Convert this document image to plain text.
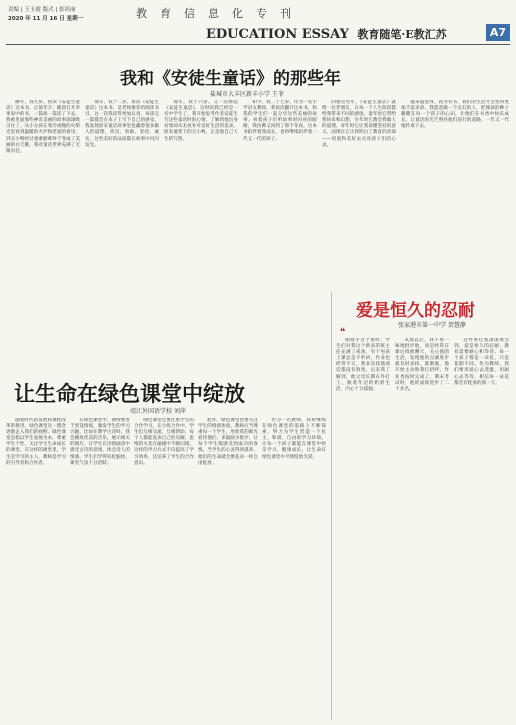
责编 | 王玉霞 版式 | 张培丽
2020 年 11 月 16 日 星期一	教育信息化专刊
EDUCATION ESSAY 教育随笔·E教汇苏	A7
我和《安徒生童话》的那些年
盐城市大丰区新丰小学 王菲

聊年，我九岁。初读《安徒生童话》这本书，正值冬夕，随意打开李果家中的书，一篇接一篇读了下去，我被里面那些神奇美丽的故事深深吸引住了。从小女孩在寒冷夜晚的火柴光里看到温暖的火炉和慈爱的祖母，到丑小鸭经过重重磨难终于变成了美丽的白天鹅，我对童话世界充满了无限向往。

那年，我十二岁。再读《安徒生童话》这本书，是老师推荐的阅读书目。这一次我读得更加认真，每读完一篇都会在本子上写下自己的感受。我发现原来童话故事里也藏着很多做人的道理，善良、勇敢、坚持、诚实，这些美好的品质都在故事中闪闪发光。

那年，我十六岁。又一次捧起《安徒生童话》，这时的我已经是一名中学生了。我开始思考作者安徒生写这些童话时的心情，了解到他出身贫寒却从未放弃对美好生活的追求。原来他笔下的丑小鸭，正是他自己人生的写照。

如今，我二十七岁。作为一名小学语文教师，我再次翻开这本书，和我的学生们一起分享这些美丽的故事。看着孩子们听故事时闪亮的眼睛，我仿佛又回到了那个冬夜。这本书陪伴着我成长，也将继续陪伴着一代又一代的孩子。

回想这些年，《安徒生童话》就像一位老朋友，在每一个人生阶段都给我带来不同的感悟。童年时它带给我快乐和幻想，少年时它教会我做人的道理，青年时它让我读懂坚持的意义，而现在它让我明白了教育的真谛——用爱和美好去点亮孩子们的心灵。

越来越觉得，因为有书，我们的生活才会变得更加丰富多彩。我愿意做一个点灯的人，把阅读的种子播撒在每一个孩子的心田，让他们在书香中快乐成长，让童话的光芒照亮他们前行的道路，一代又一代地传承下去。

爱是恒久的忍耐
张家港市第一中学 贺慧静
❝

刚接手这个班时，学生们对我这个新来的班主任充满了戒备。有个男孩上课总是不听讲，作业也经常不交，我多次找他谈话都没有效果。后来我了解到，他父母长期在外打工，跟着年迈的奶奶生活，内心十分孤独。

从那以后，我不再一味地批评他，而是经常在课后找他聊天，关心他的生活，发现他的点滴进步就及时表扬。渐渐地，他开始主动和我打招呼，作业也按时完成了。期末考试时，他的成绩进步了二十多名。

这件事让我深深体会到，爱是恒久的忍耐，教育需要耐心和等待。每一个孩子都是一朵花，只是花期不同。作为教师，我们要用爱心去浇灌，用耐心去等待，相信每一朵花都会有绽放的那一天。

让生命在绿色课堂中绽放
靖江外国语学校 刘萍

随着时代的发展和课程改革的推进，绿色课堂这一理念逐渐走入我们的视野。绿色课堂是指以学生发展为本，尊重学生个性，关注学生生命成长的课堂。在这样的课堂里，学生是学习的主人，教师是学习的引导者和合作者。

在绿色课堂中，教师要善于创设情境，激发学生的学习兴趣。比如在教学古诗时，我会播放优美的音乐，展示相关的图片，让学生在诗情画意中感受古诗的意境，体会诗人的情感。学生们学得轻松愉快，课堂气氛十分活跃。

绿色课堂还要注重学生的合作学习。在小组合作中，学生们互相交流、互相帮助，每个人都能发表自己的见解，思维的火花在碰撞中不断闪现。这样的学习方式不仅提高了学习效率，还培养了学生的合作意识。

此外，绿色课堂也要关注学生的情感体验。教师应当尊重每一个学生，用欣赏的眼光看待他们，多鼓励少批评，让每个学生都感受到成功的喜悦。当学生的心灵得到滋养，他们的生命就会像花朵一样自由绽放。

作为一名教师，我将继续在绿色课堂的道路上不断探索，努力为学生营造一个民主、和谐、自由的学习环境，让每一个孩子都能在课堂中快乐学习、健康成长，让生命在绿色课堂中尽情绽放光彩。
